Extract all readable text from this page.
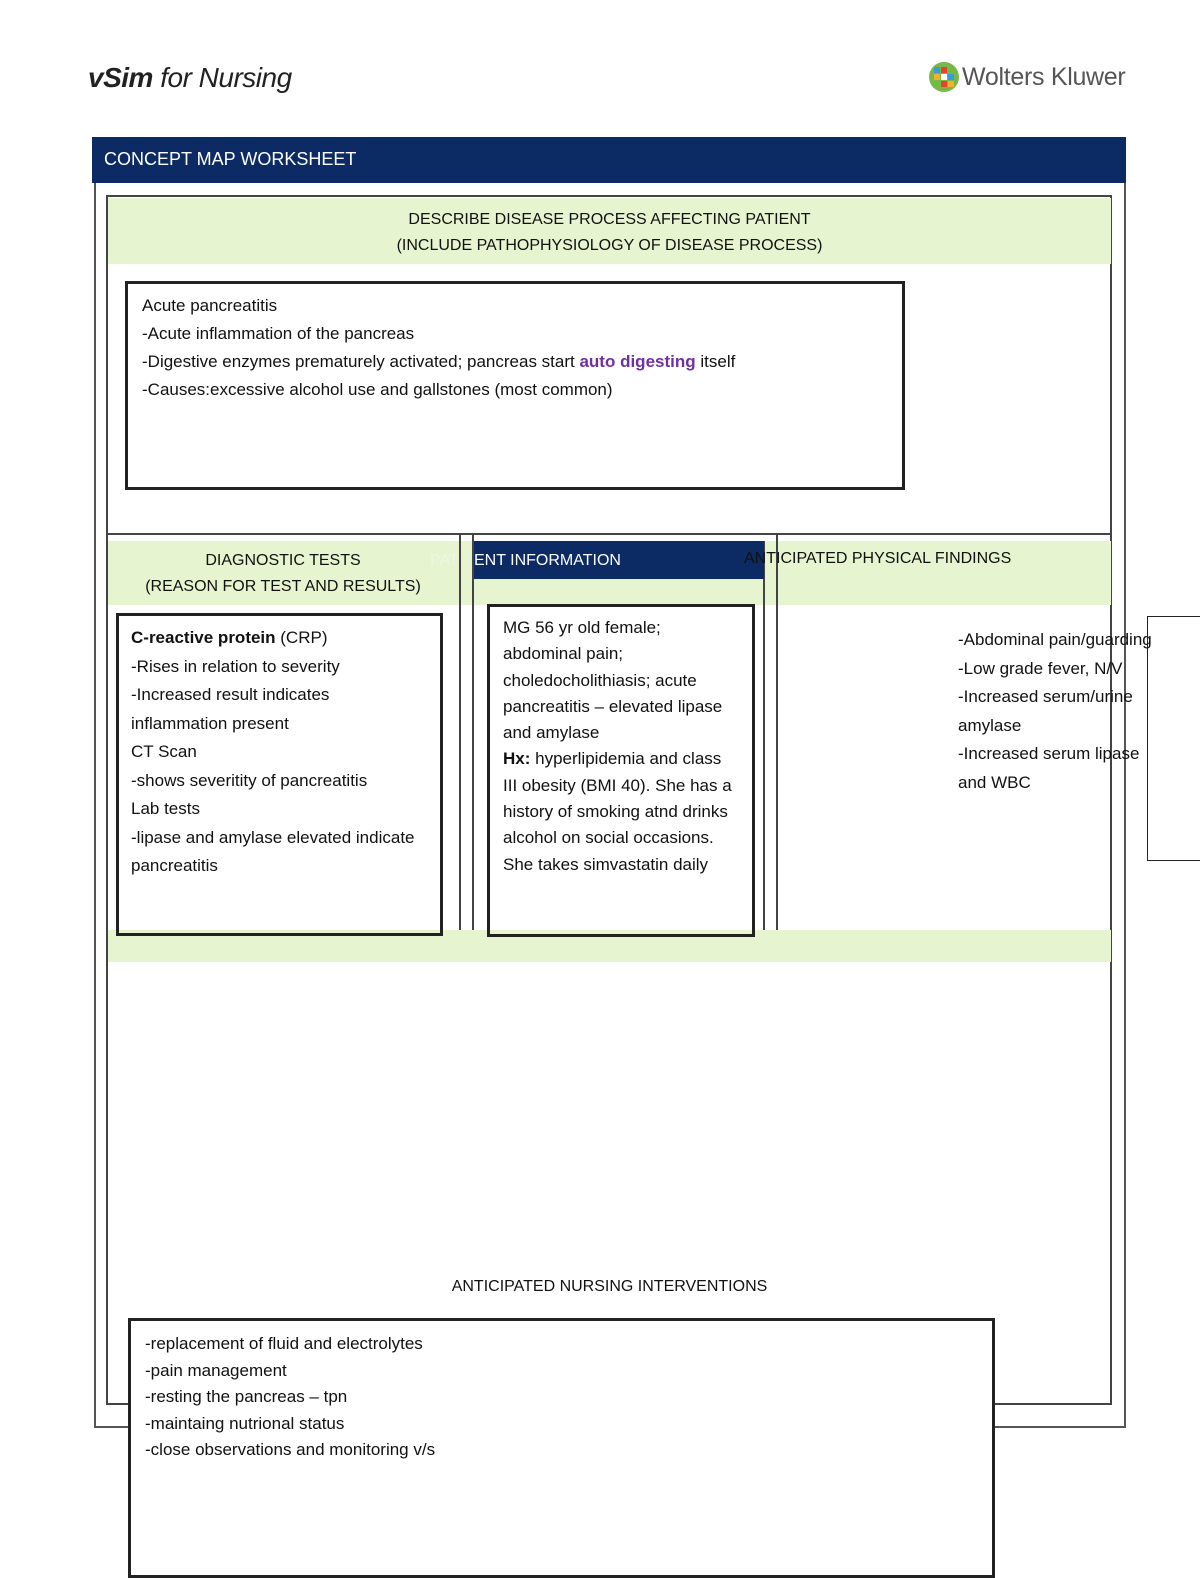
vSim for Nursing	Wolters Kluwer
CONCEPT MAP WORKSHEET
DESCRIBE DISEASE PROCESS AFFECTING PATIENT
(INCLUDE PATHOPHYSIOLOGY OF DISEASE PROCESS)
Acute pancreatitis
-Acute inflammation of the pancreas
-Digestive enzymes prematurely activated; pancreas start auto digesting itself
-Causes:excessive alcohol use and gallstones (most common)
DIAGNOSTIC TESTS
(REASON FOR TEST AND RESULTS)
PAT ENT INFORMATION	ANTICIPATED PHYSICAL FINDINGS
C-reactive protein (CRP)
-Rises in relation to severity
-Increased result indicates inflammation present
CT Scan
-shows severitity of pancreatitis
Lab tests
-lipase and amylase elevated indicate pancreatitis
MG 56 yr old female; abdominal pain; choledocholithiasis; acute pancreatitis – elevated lipase and amylase
Hx: hyperlipidemia and class III obesity (BMI 40). She has a history of smoking atnd drinks alcohol on social occasions. She takes simvastatin daily
-Abdominal pain/guarding
-Low grade fever, N/V
-Increased serum/urine amylase
-Increased serum lipase and WBC
ANTICIPATED NURSING INTERVENTIONS
-replacement of fluid and electrolytes
-pain management
-resting the pancreas – tpn
-maintaing nutrional status
-close observations and monitoring v/s
